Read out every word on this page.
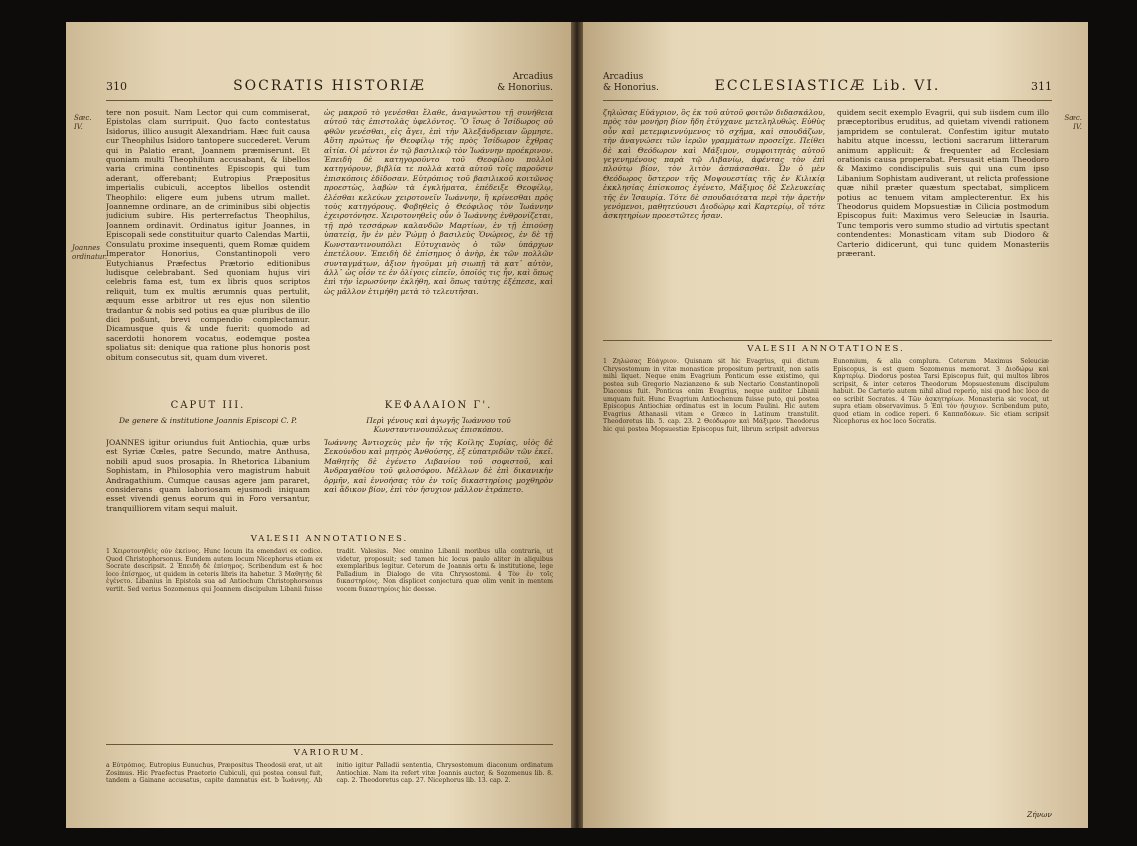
310	SOCRATIS HISTORIÆ
Arcadius
& Honorius.
Sæc. IV.
Joannes ordinatur.
tere non posuit. Nam Lector qui cum commiserat, Epistolas clam surripuit. Quo facto contestatus Isidorus, illico ausugit Alexandriam. Hæc fuit causa cur Theophilus Isidoro tantopere succederet. Verum qui in Palatio erant, Joannem præmiserunt. Et quoniam multi Theophilum accusabant, & libellos varia crimina continentes Episcopis qui tum aderant, offerebant; Eutropius Præpositus imperialis cubiculi, acceptos libellos ostendit Theophilo: eligere eum jubens utrum mallet. Joannemne ordinare, an de criminibus sibi objectis judicium subire. His perterrefactus Theophilus, Joannem ordinavit. Ordinatus igitur Joannes, in Episcopali sede constituitur quarto Calendas Martii, Consulatu proxime insequenti, quem Romæ quidem Imperator Honorius, Constantinopoli vero Eutychianus Præfectus Prætorio editionibus ludisque celebrabant. Sed quoniam hujus viri celebris fama est, tum ex libris quos scriptos reliquit, tum ex multis ærumnis quas pertulit, æquum esse arbitror ut res ejus non silentio tradantur & nobis sed potius ea quæ pluribus de illo dici poßunt, brevi compendio complectamur. Dicamusque quis & unde fuerit: quomodo ad sacerdotii honorem vocatus, eodemque postea spoliatus sit: denique qua ratione plus honoris post obitum consecutus sit, quam dum viveret.
ὡς μακροῦ τὸ γενέσθαι ἔλαθε, ἀναγνώστου τῇ συνήθεια αὐτοῦ τὰς ἐπιστολὰς ὑφελόντος. Ὃ ἴσως ὁ Ἰσίδωρος οὐ φθῶν γενέσθαι, εἰς ἄγει, ἐπὶ τὴν Ἀλεξάνδρειαν ὥρμησε. Αὕτη πρώτως ἦν Θεοφίλῳ τῆς πρὸς Ἰσίδωρον ἔχθρας αἰτία. Οἱ μέντοι ἐν τῷ βασιλικῷ τὸν Ἰωάννην προέκρινον. Ἐπειδὴ δὲ κατηγοροῦντο τοῦ Θεοφίλου πολλοὶ κατηγόρουν, βιβλία τε πολλὰ κατὰ αὐτοῦ τοῖς παροῦσιν ἐπισκόποις ἐδίδοσαν. Εὐτρόπιος τοῦ βασιλικοῦ κοιτῶνος προεστὼς, λαβὼν τὰ ἐγκλήματα, ἐπέδειξε Θεοφίλῳ, ἑλέσθαι κελεύων χειροτονεῖν Ἰωάννην, ἢ κρίνεσθαι πρὸς τοὺς κατηγόρους. Φοβηθεὶς ὁ Θεόφιλος τὸν Ἰωάννην ἐχειροτόνησε. Χειροτονηθεὶς οὖν ὁ Ἰωάννης ἐνθρονίζεται, τῇ πρὸ τεσσάρων καλανδῶν Μαρτίων, ἐν τῇ ἐπιούσῃ ὑπατείᾳ, ἣν ἐν μὲν Ῥώμῃ ὁ βασιλεὺς Ὁνώριος, ἐν δὲ τῇ Κωνσταντινουπόλει Εὐτυχιανὸς ὁ τῶν ὑπάρχων ἐπετέλουν. Ἐπειδὴ δὲ ἐπίσημος ὁ ἀνὴρ, ἐκ τῶν πολλῶν συνταγμάτων, ἀξιον ἡγοῦμαι μὴ σιωπῇ τὰ κατ᾿ αὐτὸν, ἀλλ᾿ ὡς οἷόν τε ἐν ὀλίγοις εἰπεῖν, ὁποῖός τις ἦν, καὶ ὅπως ἐπὶ τὴν ἱερωσύνην ἐκλήθη, καὶ ὅπως ταύτης ἐξέπεσε, καὶ ὡς μᾶλλον ἐτιμήθη μετὰ τὸ τελευτῆσαι.
CAPUT III.
De genere & institutione Joannis Episcopi C. P.
ΚΕΦΑΛΑΙΟΝ Γ'.
Περὶ γένους καὶ ἀγωγῆς Ἰωάννου τοῦ Κωνσταντινουπόλεως ἐπισκόπου.
JOANNES igitur oriundus fuit Antiochia, quæ urbs est Syriæ Cœles, patre Secundo, matre Anthusa, nobili apud suos prosapia. In Rhetorica Libanium Sophistam, in Philosophia vero magistrum habuit Andragathium. Cumque causas agere jam pararet, considerans quam laboriosam ejusmodi iniquam esset vivendi genus eorum qui in Foro versantur, tranquilliorem vitam sequi maluit.
Ἰωάννης Ἀντιοχεὺς μὲν ἦν τῆς Κοίλης Συρίας, υἱὸς δὲ Σεκούνδου καὶ μητρὸς Ἀνθούσης, ἐξ εὐπατριδῶν τῶν ἐκεῖ. Μαθητὴς δὲ ἐγένετο Λιβανίου τοῦ σοφιστοῦ, καὶ Ἀνδραγαθίου τοῦ φιλοσόφου. Μέλλων δὲ ἐπὶ δικανικὴν ὁρμῆν, καὶ ἐννοήσας τὸν ἐν τοῖς δικαστηρίοις μοχθηρὸν καὶ ἄδικον βίον, ἐπὶ τὸν ἡσυχιον μᾶλλον ἐτράπετο.
VALESII ANNOTATIONES.
1 Χειροτονηθεὶς οὖν ἐκείνος. Hunc locum ita emendavi ex codice. Quod Christophorsonus. Eundem autem locum Nicephorus etiam ex Socrate descripsit. 2 Ἐπειδὴ δὲ ἐπίσημος. Scribendum est & hoc loco ἐπίσημος, ut quidem in ceteris libris ita habetur. 3 Μαθητὴς δὲ ἐγένετο. Libanius in Epistola sua ad Antiochum Christophorsonus vertit. Sed verius Sozomenus qui Joannem discipulum Libanii fuisse tradit. Valesius. Nec omnino Libanii moribus ulla contraria, ut videtur, proposuit; sed tamen hic locus paulo aliter in aliquibus exemplaribus legitur. Ceterum de Joannis ortu & institutione, lege Palladium in Dialogo de vita Chrysostomi. 4 Τὸν ἐν τοῖς δικαστηρίοις. Non displicet conjectura quæ olim venit in mentem vocem δικαστηρίοις hic deesse.
VARIORUM.
a Εὐτρόπιος. Eutropius Eunuchus, Præpositus Theodosii erat, ut ait Zosimus. Hic Praefectus Praetorio Cubiculi, qui postea consul fuit, tandem a Gainane accusatus, capite damnatus est. b Ἰωάννης. Ab initio igitur Palladii sententia, Chrysostomum diaconum ordinatum Antiochiæ. Nam ita refert vitæ Joannis auctor, & Sozomenus lib. 8. cap. 2. Theodoretus cap. 27. Nicephorus lib. 13. cap. 2.
Arcadius
& Honorius.	ECCLESIASTICÆ Lib. VI.	311
Sæc. IV.
ζηλώσας Εὐάγριον, ὃς ἐκ τοῦ αὐτοῦ φοιτῶν διδασκάλου, πρὸς τὸν μονήρη βίον ἤδη ἐτύγχανε μετεληλυθώς. Εὐθὺς οὖν καὶ μετεμφιεννύμενος τὸ σχῆμα, καὶ σπουδάζων, τὴν ἀναγνώσει τῶν ἱερῶν γραμμάτων προσεῖχε. Πείθει δὲ καὶ Θεόδωρον καὶ Μάξιμον, συμφοιτητὰς αὐτοῦ γεγενημένους παρὰ τῷ Λιβανίῳ, ἀφέντας τὸν ἐπὶ πλούτῳ βίον, τὸν λιτὸν ἀσπάσασθαι. Ὧν ὁ μὲν Θεόδωρος ὕστερον τῆς Μοψουεστίας τῆς ἐν Κιλικίᾳ ἐκκλησίας ἐπίσκοπος ἐγένετο, Μάξιμος δὲ Σελευκείας τῆς ἐν Ἰσαυρίᾳ. Τότε δὲ σπουδαιότατα περὶ τὴν ἀρετὴν γενόμενοι, μαθητεύουσι Διοδώρῳ καὶ Καρτερίῳ, οἳ τότε ἀσκητηρίων προεστῶτες ἦσαν.
quidem secit exemplo Evagrii, qui sub iisdem cum illo præceptoribus eruditus, ad quietam vivendi rationem jampridem se contulerat. Confestim igitur mutato habitu atque incessu, lectioni sacrarum litterarum animum applicuit: & frequenter ad Ecclesiam orationis causa properabat. Persuasit etiam Theodoro & Maximo condiscipulis suis qui una cum ipso Libanium Sophistam audiverant, ut relicta professione quæ nihil præter quæstum spectabat, simplicem potius ac tenuem vitam amplecterentur. Ex his Theodorus quidem Mopsuestiæ in Cilicia postmodum Episcopus fuit: Maximus vero Seleuciæ in Isauria. Tunc temporis vero summo studio ad virtutis spectant contendentes: Monasticam vitam sub Diodoro & Carterio didicerunt, qui tunc quidem Monasteriis præerant.
VALESII ANNOTATIONES.
1 Ζηλώσας Εὐάγριον. Quisnam sit hic Evagrius, qui dictum Chrysostomum in vitæ monasticæ propositum pertraxit, non satis mihi liquet. Neque enim Evagrium Ponticum esse existimo, qui postea sub Gregorio Nazianzeno & sub Nectario Constantinopoli Diaconus fuit. Ponticus enim Evagrius, neque auditor Libanii umquam fuit. Hunc Evagrium Antiochenum fuisse puto, qui postea Episcopus Antiochiæ ordinatus est in locum Paulini. Hic autem Evagrius Athanasii vitam e Græco in Latinum transtulit. Theodoretus lib. 5. cap. 23. 2 Θεόδωρον καὶ Μάξιμον. Theodorus hic qui postea Mopsuestiæ Episcopus fuit, librum scripsit adversus Eunomium, & alia complura. Ceterum Maximus Seleuciæ Episcopus, is est quem Sozomenus memorat. 3 Διοδώρῳ καὶ Καρτερίῳ. Diodorus postea Tarsi Episcopus fuit, qui multos libros scripsit, & inter ceteros Theodorum Mopsuestenum discipulum habuit. De Carterio autem nihil aliud reperio, nisi quod hoc loco de eo scribit Socrates. 4 Τῶν ἀσκητηρίων. Monasteria sic vocat, ut supra etiam observavimus. 5 Ἐπὶ τὸν ἡσυχιον. Scribendum puto, quod etiam in codice reperi. 6 Καππαδόκων. Sic etiam scripsit Nicephorus ex hoc loco Socratis.
Ζήνων
